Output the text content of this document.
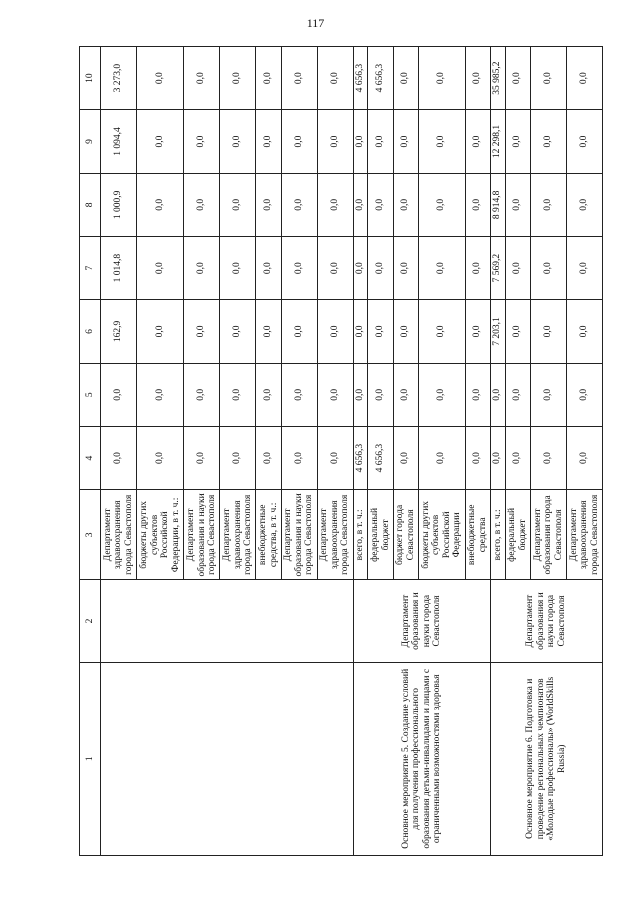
117
1	2	3	4	5	6	7	8	9	10
		Департамент здравоохранения города Севастополя	0,0	0,0	162,9	1 014,8	1 000,9	1 094,4	3 273,0
		бюджеты других субъектов Российской Федерации, в т. ч.:	0,0	0,0	0,0	0,0	0,0	0,0	0,0
		Департамент образования и науки города Севастополя	0,0	0,0	0,0	0,0	0,0	0,0	0,0
		Департамент здравоохранения города Севастополя	0,0	0,0	0,0	0,0	0,0	0,0	0,0
		внебюджетные средства, в т. ч.:	0,0	0,0	0,0	0,0	0,0	0,0	0,0
		Департамент образования и науки города Севастополя	0,0	0,0	0,0	0,0	0,0	0,0	0,0
		Департамент здравоохранения города Севастополя	0,0	0,0	0,0	0,0	0,0	0,0	0,0
Основное мероприятие 5. Создание условий для получения профессионального образования детьми-инвалидами и лицами с ограниченными возможностями здоровья	Департамент образования и науки города Севастополя	всего, в т. ч.:	4 656,3	0,0	0,0	0,0	0,0	0,0	4 656,3
		федеральный бюджет	4 656,3	0,0	0,0	0,0	0,0	0,0	4 656,3
		бюджет города Севастополя	0,0	0,0	0,0	0,0	0,0	0,0	0,0
		бюджеты других субъектов Российской Федерации	0,0	0,0	0,0	0,0	0,0	0,0	0,0
		внебюджетные средства	0,0	0,0	0,0	0,0	0,0	0,0	0,0
Основное мероприятие 6. Подготовка и проведение региональных чемпионатов «Молодые профессионалы» (WorldSkills Russia)	Департамент образования и науки города Севастополя	всего, в т. ч.:	0,0	0,0	7 203,1	7 569,2	8 914,8	12 298,1	35 985,2
		федеральный бюджет	0,0	0,0	0,0	0,0	0,0	0,0	0,0
		Департамент образования города Севастополя	0,0	0,0	0,0	0,0	0,0	0,0	0,0
		Департамент здравоохранения города Севастополя	0,0	0,0	0,0	0,0	0,0	0,0	0,0
